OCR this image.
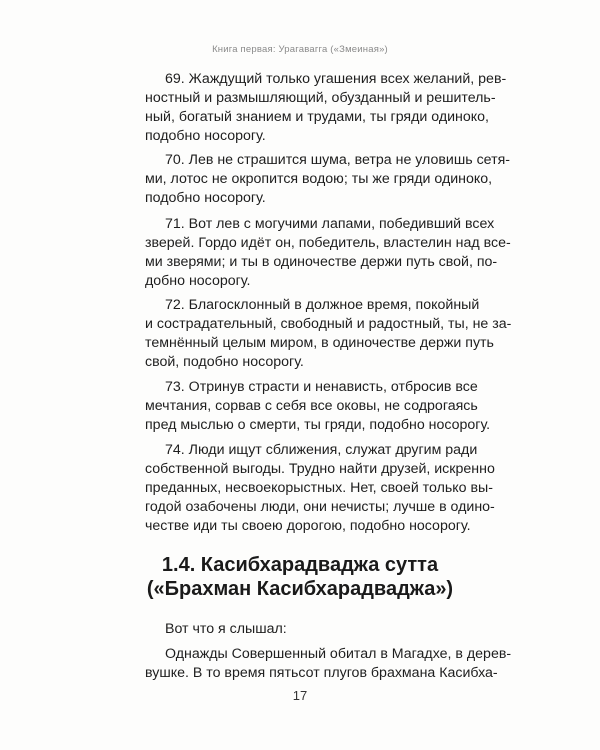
Книга первая: Урагавагга («Змеиная»)
69. Жаждущий только угашения всех желаний, рев-
ностный и размышляющий, обузданный и решитель-
ный, богатый знанием и трудами, ты гряди одиноко,
подобно носорогу.
70. Лев не страшится шума, ветра не уловишь сетя-
ми, лотос не окропится водою; ты же гряди одиноко,
подобно носорогу.
71. Вот лев с могучими лапами, победивший всех
зверей. Гордо идёт он, победитель, властелин над все-
ми зверями; и ты в одиночестве держи путь свой, по-
добно носорогу.
72. Благосклонный в должное время, покойный
и сострадательный, свободный и радостный, ты, не за-
темнённый целым миром, в одиночестве держи путь
свой, подобно носорогу.
73. Отринув страсти и ненависть, отбросив все
мечтания, сорвав с себя все оковы, не содрогаясь
пред мыслью о смерти, ты гряди, подобно носорогу.
74. Люди ищут сближения, служат другим ради
собственной выгоды. Трудно найти друзей, искренно
преданных, несвоекорыстных. Нет, своей только вы-
годой озабочены люди, они нечисты; лучше в одино-
честве иди ты своею дорогою, подобно носорогу.
1.4. Касибхарадваджа сутта
(«Брахман Касибхарадваджа»)
Вот что я слышал:
Однажды Совершенный обитал в Магадхе, в дерев-
вушке. В то время пятьсот плугов брахмана Касибха-
17
